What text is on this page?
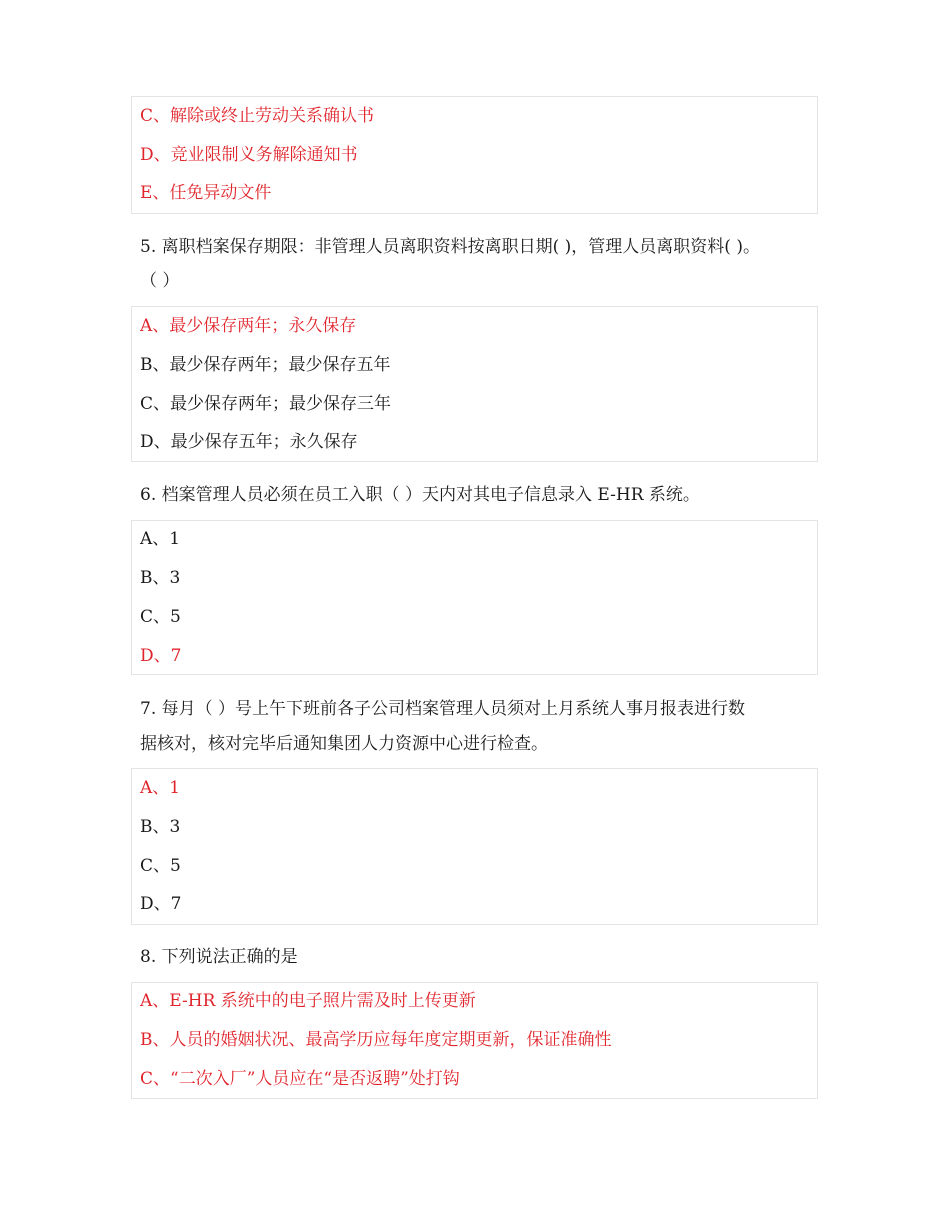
C、解除或终止劳动关系确认书
D、竞业限制义务解除通知书
E、任免异动文件
5. 离职档案保存期限：非管理人员离职资料按离职日期( )，管理人员离职资料( )。
（ ）
A、最少保存两年；永久保存
B、最少保存两年；最少保存五年
C、最少保存两年；最少保存三年
D、最少保存五年；永久保存
6. 档案管理人员必须在员工入职（ ）天内对其电子信息录入 E-HR 系统。
A、1
B、3
C、5
D、7
7. 每月（ ）号上午下班前各子公司档案管理人员须对上月系统人事月报表进行数
据核对，核对完毕后通知集团人力资源中心进行检查。
A、1
B、3
C、5
D、7
8. 下列说法正确的是
A、E-HR 系统中的电子照片需及时上传更新
B、人员的婚姻状况、最高学历应每年度定期更新，保证准确性
C、“二次入厂”人员应在“是否返聘”处打钩
